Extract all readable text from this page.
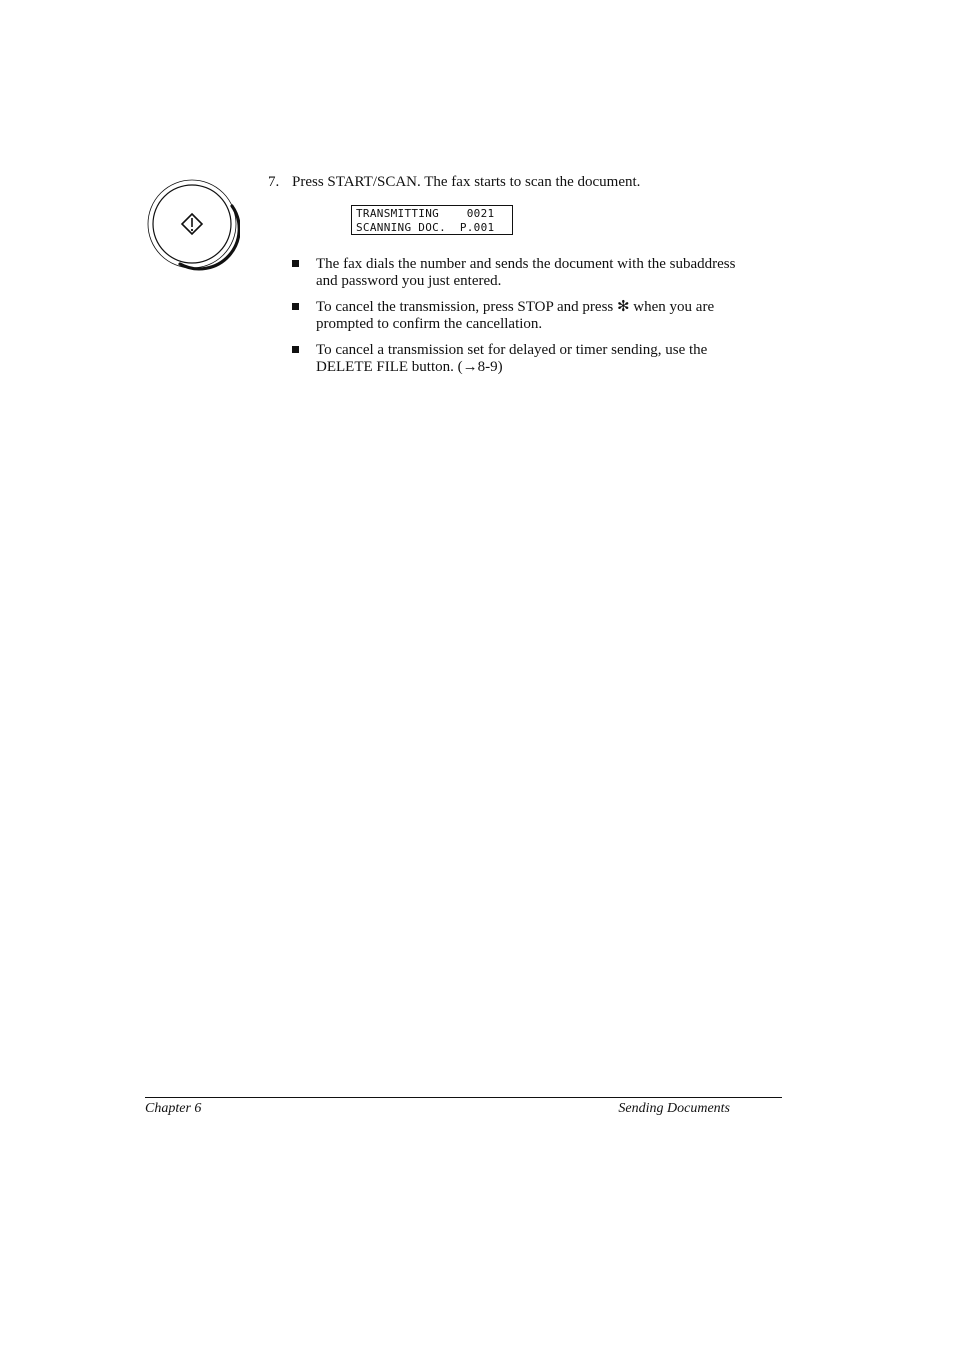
7. Press START/SCAN. The fax starts to scan the document.
TRANSMITTING    0021
SCANNING DOC.  P.001
The fax dials the number and sends the document with the subaddress
and password you just entered.
To cancel the transmission, press STOP and press ✻ when you are
prompted to confirm the cancellation.
To cancel a transmission set for delayed or timer sending, use the
DELETE FILE button. (→8-9)
Chapter 6	Sending Documents
